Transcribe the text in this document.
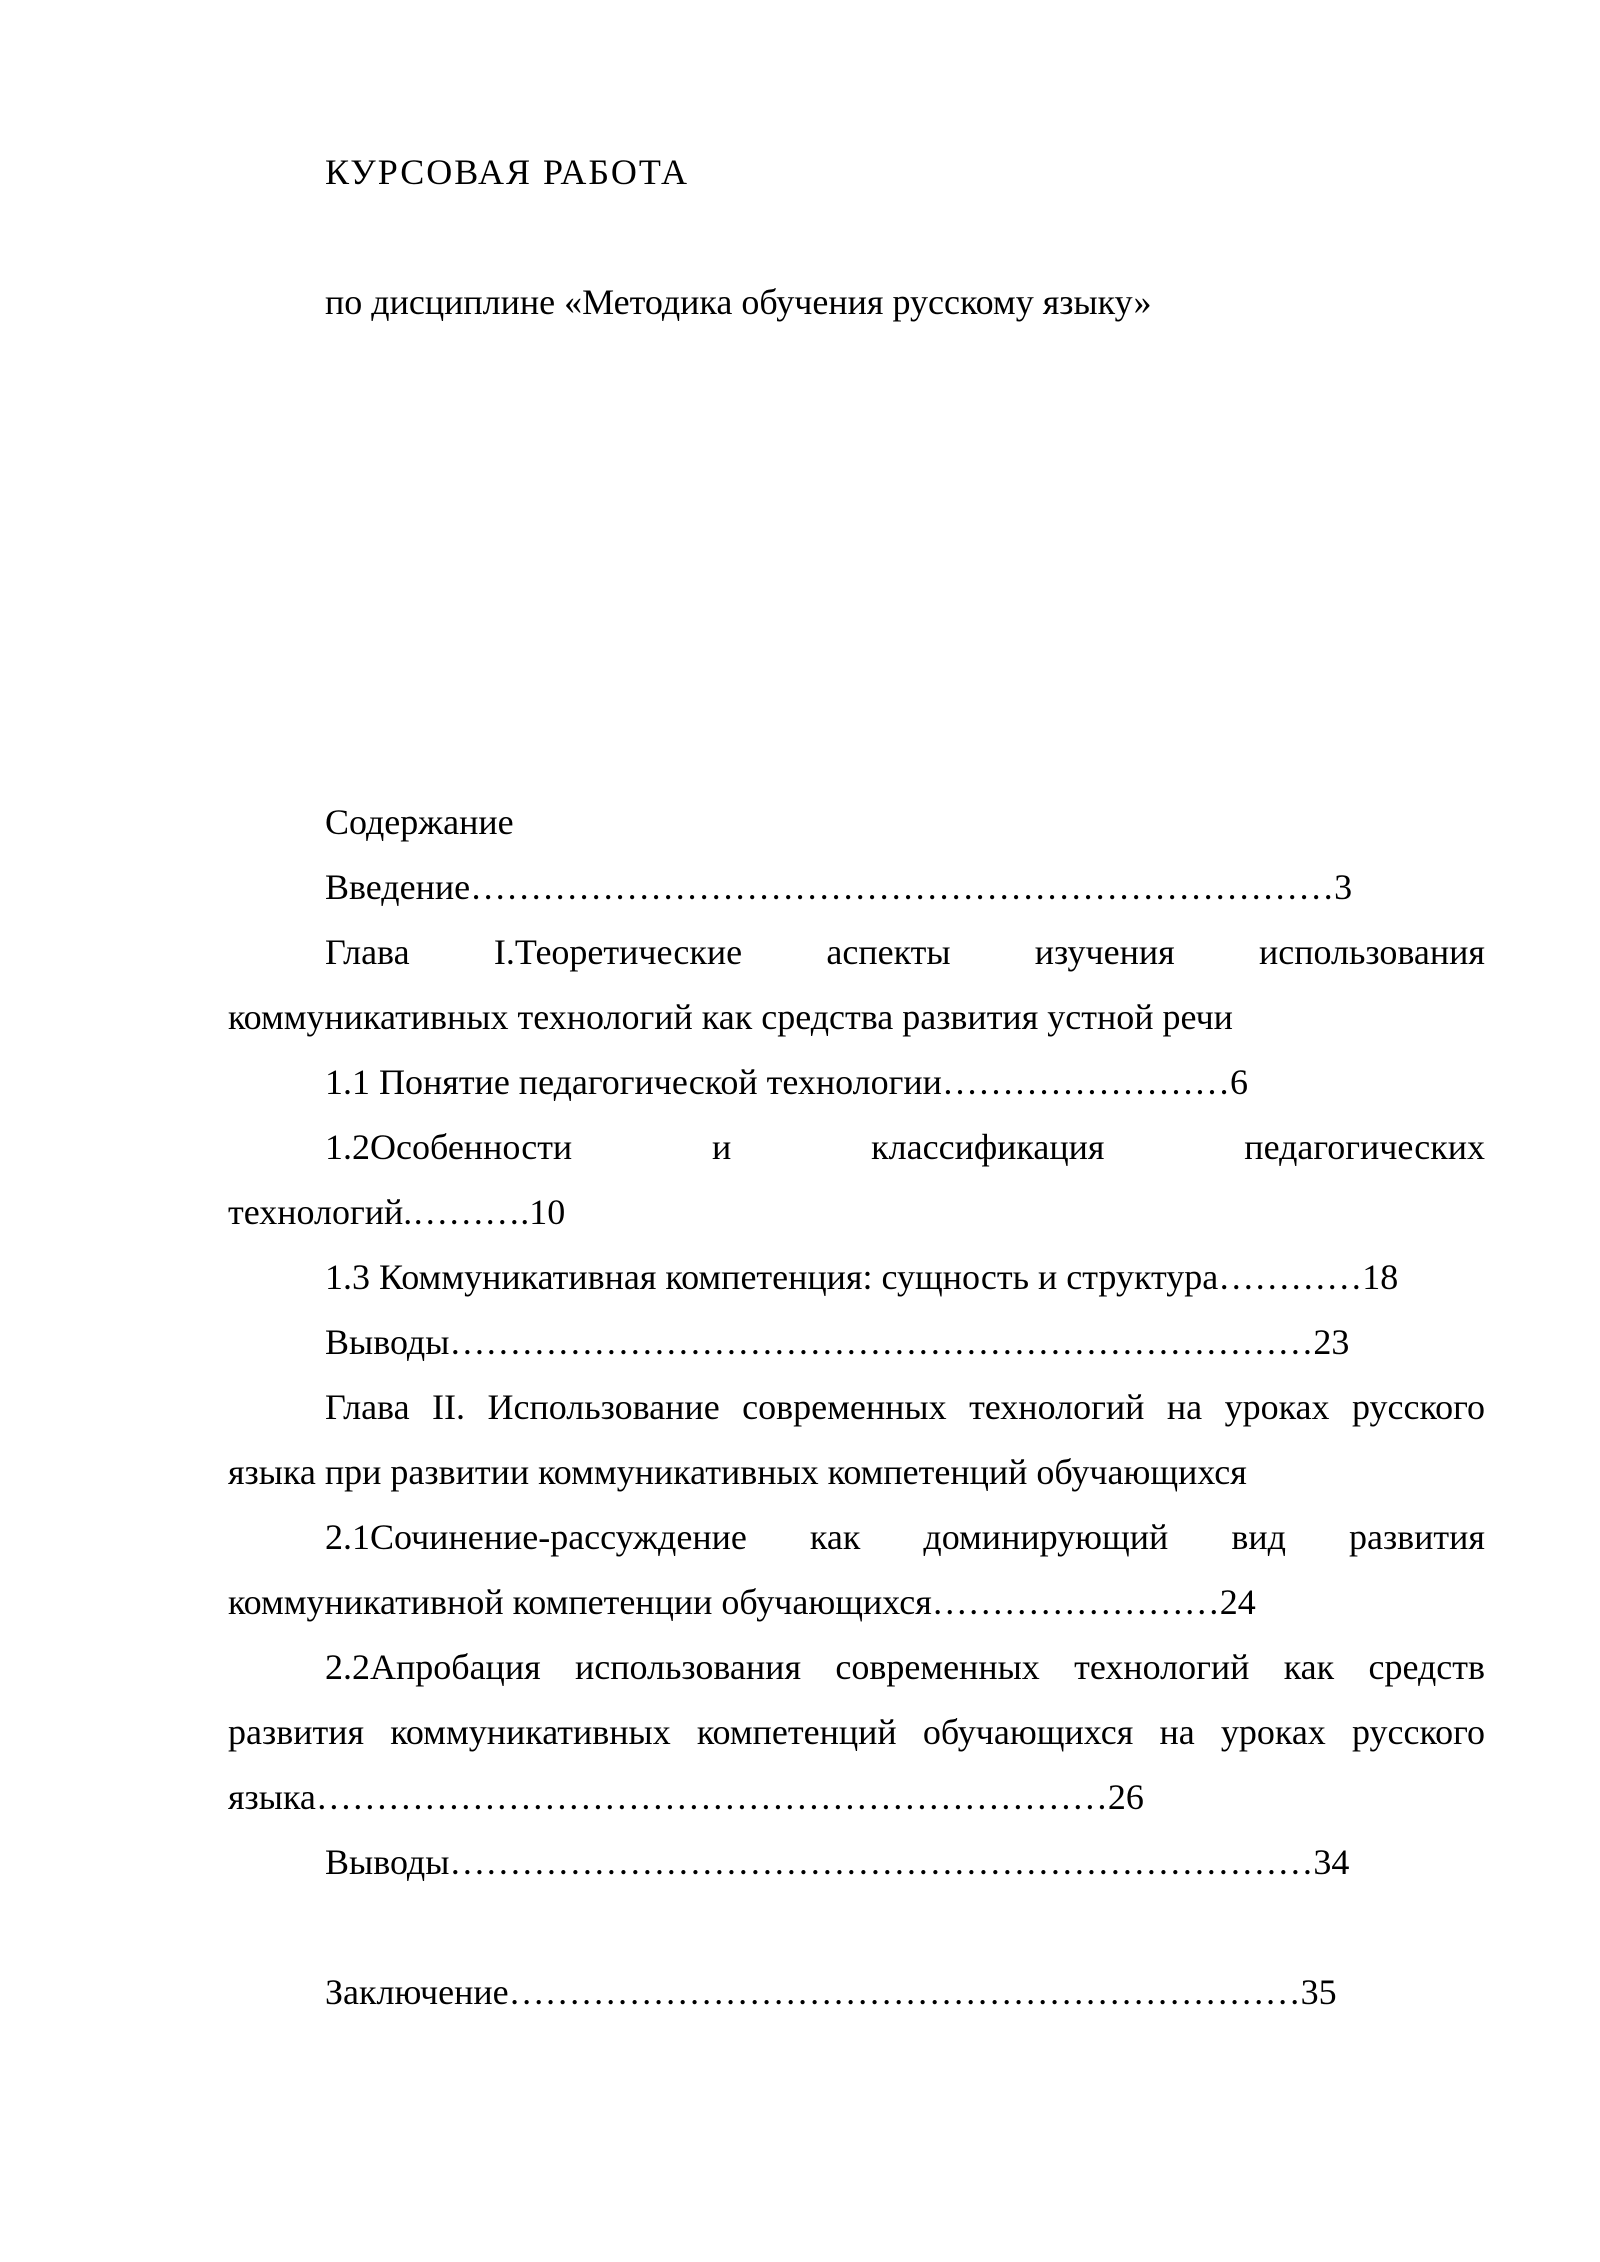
КУРСОВАЯ РАБОТА
по дисциплине «Методика обучения русскому языку»
Содержание
Введение………………………………………………………………3
Глава I.Теоретические аспекты изучения использования
коммуникативных технологий как средства развития устной речи
1.1 Понятие педагогической технологии……………………6
1.2Особенности и классификация педагогических
технологий.……….10
1.3 Коммуникативная компетенция: сущность и структура…………18
Выводы………………………………………………………………23
Глава II. Использование современных технологий на уроках русского
языка при развитии коммуникативных компетенций обучающихся
2.1Сочинение-рассуждение как доминирующий вид развития
коммуникативной компетенции обучающихся……………………24
2.2Апробация использования современных технологий как средств
развития коммуникативных компетенций обучающихся на уроках русского
языка…………………………………………………………26
Выводы………………………………………………………………34
Заключение…………………………………………………………35
